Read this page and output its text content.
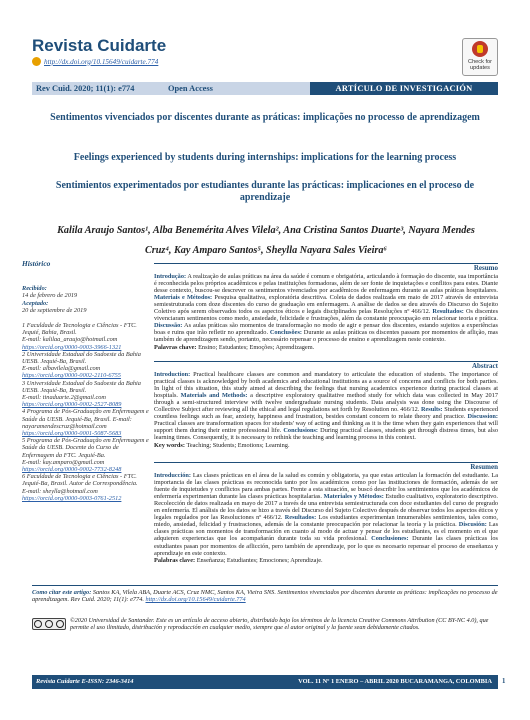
Revista Cuidarte
http://dx.doi.org/10.15649/cuidarte.774	Check for updates
Rev Cuid. 2020; 11(1): e774	Open Access	ARTÍCULO DE INVESTIGACIÓN
Sentimentos vivenciados por discentes durante as práticas: implicações no processo de aprendizagem
Feelings experienced by students during internships: implications for the learning process
Sentimientos experimentados por estudiantes durante las prácticas: implicaciones en el proceso de aprendizaje
Kalila Araujo Santos¹, Alba Benemérita Alves Vilela², Ana Cristina Santos Duarte³, Nayara Mendes Cruz⁴, Kay Amparo Santos⁵, Sheylla Nayara Sales Vieira⁶
Histórico
Recibido:
14 de febrero de 2019
Aceptado:
20 de septiembre de 2019

1 Faculdade de Tecnologia e Ciências - FTC. Jequié, Bahia, Brasil.

E-mail: kalilaa_araujo@hotmail.com

https://orcid.org/0000-0003-3966-1321

2 Universidade Estadual do Sudoeste da Bahia UESB. Jequié-Ba, Brasil.

E-mail: albavilela@gmail.com

https://orcid.org/0000-0002-2110-6755

3 Universidade Estadual do Sudoeste da Bahia UESB. Jequié-Ba, Brasil.

E-mail: tinaduarte.2@gmail.com

https://orcid.org/0000-0002-2527-8089

4 Programa de Pós-Graduação em Enfermagem e Saúde da UESB. Jequié-Ba, Brasil. E-mail: nayaramendescruz@hotmail.com

https://orcid.org/0000-0001-5087-5683

5 Programa de Pós-Graduação em Enfermagem e Saúde da UESB. Docente do Curso de Enfermagem da FTC. Jequié-Ba.

E-mail: kay.amparo@gmail.com

https://orcid.org/0000-0002-7732-8248

6 Faculdade de Tecnologia e Ciências - FTC. Jequié-Ba, Brasil. Autor de Correspondência.

E-mail: sheylla@hotmail.com

https://orcid.org/0000-0003-0761-2512

Resumo

Introdução: A realização de aulas práticas na área da saúde é comum e obrigatória, articulando à formação do discente, sua importância é reconhecida pelos próprios acadêmicos e pelas instituições formadoras, além de ser fonte de inquietações e conflitos para estes. Diante desse contexto, buscou-se descrever os sentimentos vivenciados por acadêmicos de enfermagem durante as aulas práticas hospitalares. Materiais e Métodos: Pesquisa qualitativa, exploratória descritiva. Coleta de dados realizada em maio de 2017 através de entrevista semiestruturada com doze discentes do curso de graduação em enfermagem. A análise de dados se deu através do Discurso do Sujeito Coletivo após serem observados todos os aspectos éticos e legais disciplinados pelas Resoluções nº 466/12. Resultados: Os discentes vivenciaram sentimentos como medo, ansiedade, felicidade e frustrações, além da constante preocupação em relacionar teoria e prática. Discussão: As aulas práticas são momentos de transformação no modo de agir e pensar dos discentes, estando sujeitos a experiências boas e ruins que irão refletir no aprendizado. Conclusões: Durante as aulas práticas os discentes passam por momentos de aflição, mas também de aprendizagem sendo, portanto, necessário repensar o processo de ensino e aprendizagem neste contexto.

Palavras chave: Ensino; Estudantes; Emoções; Aprendizagem.

Abstract

Introduction: Practical healthcare classes are common and mandatory to articulate the education of students. The importance of practical classes is acknowledged by both academics and educational institutions as a source of concerns and conflicts for both parties. In light of this situation, this study aimed at describing the feelings that nursing academics experience during practical classes at hospitals. Materials and Methods: a descriptive exploratory qualitative method study for which data was collected in May 2017 through a semi-structured interview with twelve undergraduate nursing students. Data analysis was done using the Discourse of Collective Subject after reviewing all the ethical and legal regulations set forth by Resolution no. 466/12. Results: Students experienced countless feelings such as fear, anxiety, happiness and frustration, besides constant concern to relate theory and practice. Discussion: Practical classes are transformation spaces for students' way of acting and thinking as it is the time when they gain experiences that will support them during their entire professional life. Conclusions: During practical classes, students get through distress times, but also learning times. Consequently, it is necessary to rethink the teaching and learning process in this context.

Key words: Teaching; Students; Emotions; Learning.

Resumen

Introducción: Las clases prácticas en el área de la salud es común y obligatoria, ya que estas articulan la formación del estudiante. La importancia de las clases prácticas es reconocida tanto por los académicos como por las instituciones de formación, además de ser fuente de inquietudes y conflictos para ambas partes. Frente a esta situación, se buscó describir los sentimientos que los académicos de enfermería experimentan durante las clases prácticas hospitalarias. Materiales y Métodos: Estudio cualitativo, exploratorio descriptivo. Recolección de datos realizada en mayo de 2017 a través de una entrevista semiestructurada con doce estudiantes del curso de pregrado en enfermería. El análisis de los datos se hizo a través del Discurso del Sujeto Colectivo después de observar todos los aspectos éticos y legales regulados por las Resoluciones nº 466/12. Resultados: Los estudiantes experimentan innumerables sentimientos, tales como, miedo, ansiedad, felicidad y frustraciones, además de la constante preocupación por relacionar la teoría y la práctica. Discusión: Las clases prácticas son momentos de transformación en cuanto al modo de actuar y pensar de los estudiantes, es el momento en el que adquieren experiencias que los acompañarán durante toda su vida profesional. Conclusiones: Durante las clases prácticas los estudiantes pasan por momentos de aflicción, pero también de aprendizaje, por lo que es necesario repensar el proceso de enseñanza y aprendizaje en este contexto.

Palabras clave: Enseñanza; Estudiantes; Emociones; Aprendizaje.

Como citar este artigo: Santos KA, Vilela ABA, Duarte ACS, Cruz NMC, Santos KA, Vieira SNS. Sentimentos vivenciados por discentes durante as práticas: implicações no processo de aprendizagem. Rev Cuid. 2020; 11(1): e774. http://dx.doi.org/10.15649/cuidarte.774
©2020 Universidad de Santander. Este es un artículo de acceso abierto, distribuido bajo los términos de la licencia Creative Commons Attribution (CC BY-NC 4.0), que permite el uso ilimitado, distribución y reproducción en cualquier medio, siempre que el autor original y la fuente sean debidamente citados.
Revista Cuidarte E-ISSN: 2346-3414	VOL. 11 Nº 1 ENERO – ABRIL 2020 BUCARAMANGA, COLOMBIA 1
